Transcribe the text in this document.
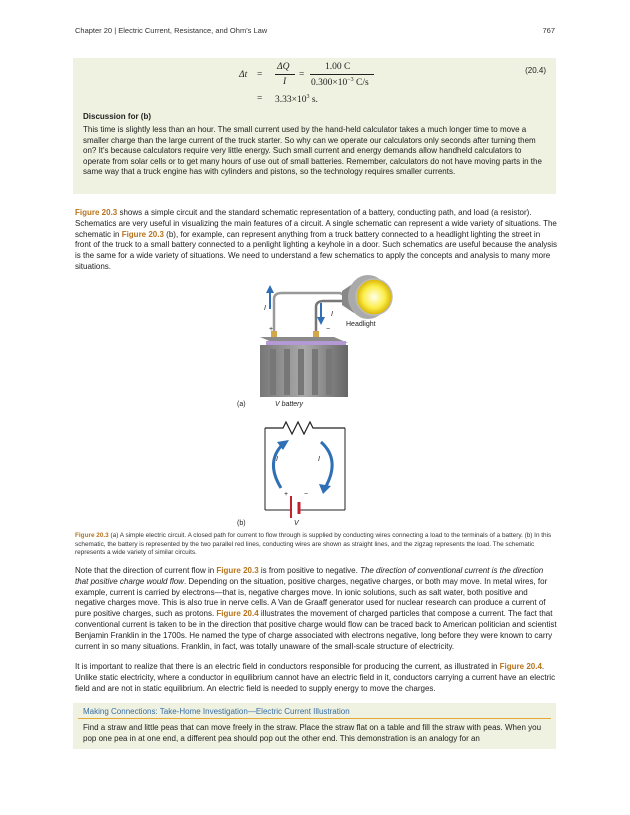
Chapter 20 | Electric Current, Resistance, and Ohm's Law	767
(20.4)
Δt =
ΔQ
I
=
1.00 C
$0.300\times 10^{-3}$ C/s
= $3.33\times 10^3$ s.
Discussion for (b)
This time is slightly less than an hour. The small current used by the hand-held calculator takes a much longer time to move a smaller charge than the large current of the truck starter. So why can we operate our calculators only seconds after turning them on? It's because calculators require very little energy. Such small current and energy demands allow handheld calculators to operate from solar cells or to get many hours of use out of small batteries. Remember, calculators do not have moving parts in the same way that a truck engine has with cylinders and pistons, so the technology requires smaller currents.

Figure 20.3 shows a simple circuit and the standard schematic representation of a battery, conducting path, and load (a resistor). Schematics are very useful in visualizing the main features of a circuit. A single schematic can represent a wide variety of situations. The schematic in Figure 20.3 (b), for example, can represent anything from a truck battery connected to a headlight lighting the street in front of the truck to a small battery connected to a penlight lighting a keyhole in a door. Such schematics are useful because the analysis is the same for a wide variety of situations. We need to understand a few schematics to apply the concepts and analysis to many more situations.

I
I
+	−
Headlight
(a)	V battery
I	I
+ −
(b)	V

Figure 20.3 (a) A simple electric circuit. A closed path for current to flow through is supplied by conducting wires connecting a load to the terminals of a battery. (b) In this schematic, the battery is represented by the two parallel red lines, conducting wires are shown as straight lines, and the zigzag represents the load. The schematic represents a wide variety of similar circuits.

Note that the direction of current flow in Figure 20.3 is from positive to negative. The direction of conventional current is the direction that positive charge would flow. Depending on the situation, positive charges, negative charges, or both may move. In metal wires, for example, current is carried by electrons—that is, negative charges move. In ionic solutions, such as salt water, both positive and negative charges move. This is also true in nerve cells. A Van de Graaff generator used for nuclear research can produce a current of pure positive charges, such as protons. Figure 20.4 illustrates the movement of charged particles that compose a current. The fact that conventional current is taken to be in the direction that positive charge would flow can be traced back to American politician and scientist Benjamin Franklin in the 1700s. He named the type of charge associated with electrons negative, long before they were known to carry current in so many situations. Franklin, in fact, was totally unaware of the small-scale structure of electricity.

It is important to realize that there is an electric field in conductors responsible for producing the current, as illustrated in Figure 20.4. Unlike static electricity, where a conductor in equilibrium cannot have an electric field in it, conductors carrying a current have an electric field and are not in static equilibrium. An electric field is needed to supply energy to move the charges.

Making Connections: Take-Home Investigation—Electric Current Illustration
Find a straw and little peas that can move freely in the straw. Place the straw flat on a table and fill the straw with peas. When you pop one pea in at one end, a different pea should pop out the other end. This demonstration is an analogy for an
